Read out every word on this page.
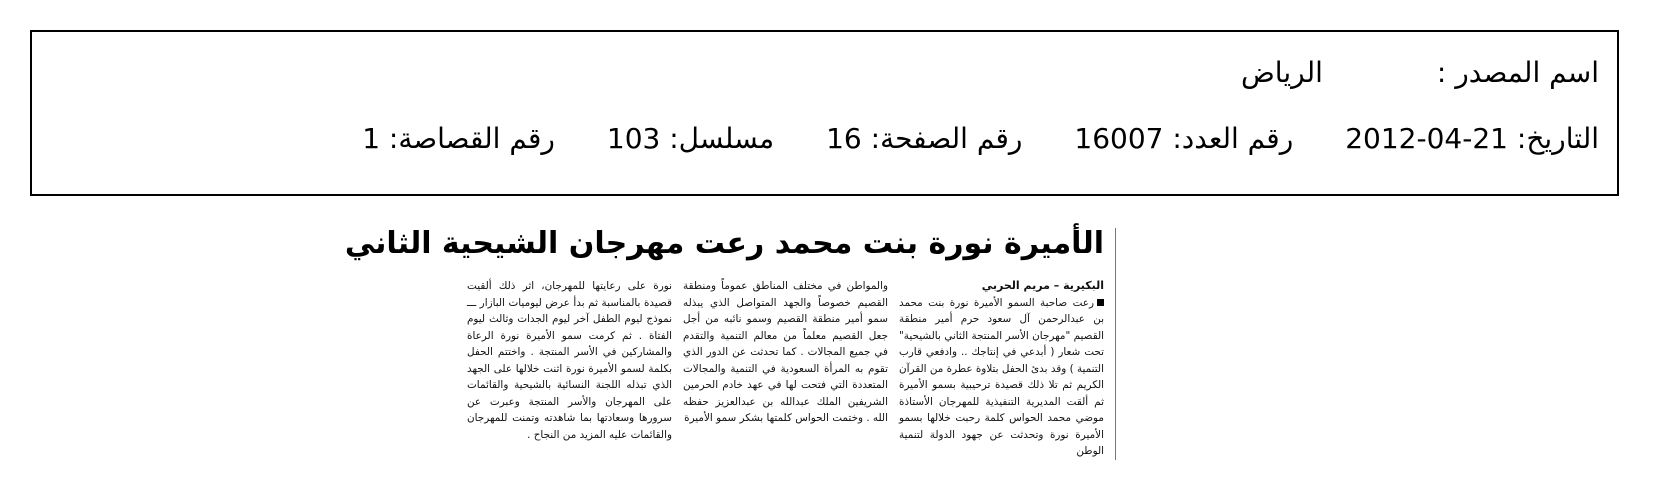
اسم المصدر :الرياض
التاريخ: 21-04-2012رقم العدد: 16007رقم الصفحة: 16مسلسل: 103رقم القصاصة: 1
الأميرة نورة بنت محمد رعت مهرجان الشيحية الثاني

البكيرية – مريم الحربي

رعت صاحبة السمو الأميرة نورة بنت محمد بن عبدالرحمن آل سعود حرم أمير منطقة القصيم "مهرجان الأسر المنتجة الثاني بالشيحية" تحت شعار ( أبدعي في إنتاجك .. وادفعي قارب التنمية ) وقد بدئ الحفل بتلاوة عطرة من القرآن الكريم ثم تلا ذلك قصيدة ترحيبية بسمو الأميرة ثم ألقت المديرية التنفيذية للمهرجان الأستاذة موضي محمد الحواس كلمة رحبت خلالها بسمو الأميرة نورة وتحدثت عن جهود الدولة لتنمية الوطن

والمواطن في مختلف المناطق عموماً ومنطقة القصيم خصوصاً والجهد المتواصل الذي يبذله سمو أمير منطقة القصيم وسمو نائبه من أجل جعل القصيم معلماً من معالم التنمية والتقدم في جميع المجالات . كما تحدثت عن الدور الذي تقوم به المرأة السعودية في التنمية والمجالات المتعددة التي فتحت لها في عهد خادم الحرمين الشريفين الملك عبدالله بن عبدالعزيز حفظه الله . وختمت الحواس كلمتها بشكر سمو الأميرة

نورة على رعايتها للمهرجان، اثر ذلك ألقيت قصيدة بالمناسبة ثم بدأ عرض ليوميات البازار ـــ نموذج ليوم الطفل آخر ليوم الجدات وثالث ليوم الفتاة . ثم كرمت سمو الأميرة نورة الرعاة والمشاركين في الأسر المنتجة . واختتم الحفل بكلمة لسمو الأميرة نورة اثنت خلالها على الجهد الذي تبذله اللجنة النسائية بالشيحية والقائمات على المهرجان والأسر المنتجة وعبرت عن سرورها وسعادتها بما شاهدته وتمنت للمهرجان والقائمات عليه المزيد من النجاح .
